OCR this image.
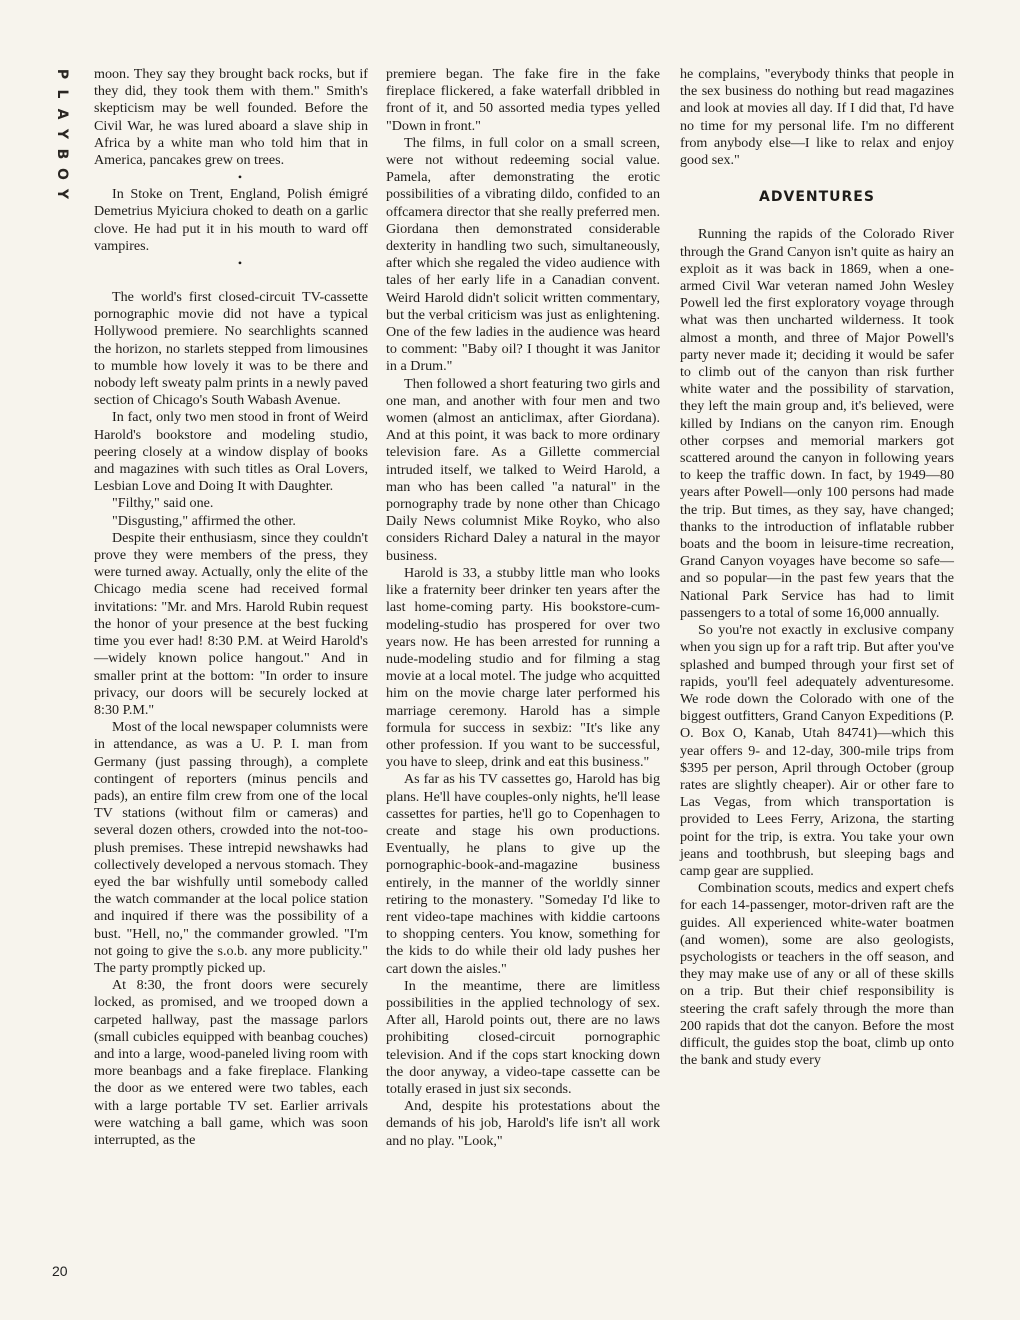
P
L
A
Y
B
O
Y
20

moon. They say they brought back rocks, but if they did, they took them with them." Smith's skepticism may be well founded. Before the Civil War, he was lured aboard a slave ship in Africa by a white man who told him that in America, pancakes grew on trees.

•

In Stoke on Trent, England, Polish émigré Demetrius Myiciura choked to death on a garlic clove. He had put it in his mouth to ward off vampires.

•

The world's first closed-circuit TV-cassette pornographic movie did not have a typical Hollywood premiere. No searchlights scanned the horizon, no starlets stepped from limousines to mumble how lovely it was to be there and nobody left sweaty palm prints in a newly paved section of Chicago's South Wabash Avenue.

In fact, only two men stood in front of Weird Harold's bookstore and modeling studio, peering closely at a window display of books and magazines with such titles as Oral Lovers, Lesbian Love and Doing It with Daughter.

"Filthy," said one.

"Disgusting," affirmed the other.

Despite their enthusiasm, since they couldn't prove they were members of the press, they were turned away. Actually, only the elite of the Chicago media scene had received formal invitations: "Mr. and Mrs. Harold Rubin request the honor of your presence at the best fucking time you ever had! 8:30 P.M. at Weird Harold's—widely known police hangout." And in smaller print at the bottom: "In order to insure privacy, our doors will be securely locked at 8:30 P.M."

Most of the local newspaper columnists were in attendance, as was a U. P. I. man from Germany (just passing through), a complete contingent of reporters (minus pencils and pads), an entire film crew from one of the local TV stations (without film or cameras) and several dozen others, crowded into the not-too-plush premises. These intrepid newshawks had collectively developed a nervous stomach. They eyed the bar wishfully until somebody called the watch commander at the local police station and inquired if there was the possibility of a bust. "Hell, no," the commander growled. "I'm not going to give the s.o.b. any more publicity." The party promptly picked up.

At 8:30, the front doors were securely locked, as promised, and we trooped down a carpeted hallway, past the massage parlors (small cubicles equipped with beanbag couches) and into a large, wood-paneled living room with more beanbags and a fake fireplace. Flanking the door as we entered were two tables, each with a large portable TV set. Earlier arrivals were watching a ball game, which was soon interrupted, as the

premiere began. The fake fire in the fake fireplace flickered, a fake waterfall dribbled in front of it, and 50 assorted media types yelled "Down in front."

The films, in full color on a small screen, were not without redeeming social value. Pamela, after demonstrating the erotic possibilities of a vibrating dildo, confided to an offcamera director that she really preferred men. Giordana then demonstrated considerable dexterity in handling two such, simultaneously, after which she regaled the video audience with tales of her early life in a Canadian convent. Weird Harold didn't solicit written commentary, but the verbal criticism was just as enlightening. One of the few ladies in the audience was heard to comment: "Baby oil? I thought it was Janitor in a Drum."

Then followed a short featuring two girls and one man, and another with four men and two women (almost an anticlimax, after Giordana). And at this point, it was back to more ordinary television fare. As a Gillette commercial intruded itself, we talked to Weird Harold, a man who has been called "a natural" in the pornography trade by none other than Chicago Daily News columnist Mike Royko, who also considers Richard Daley a natural in the mayor business.

Harold is 33, a stubby little man who looks like a fraternity beer drinker ten years after the last home-coming party. His bookstore-cum-modeling-studio has prospered for over two years now. He has been arrested for running a nude-modeling studio and for filming a stag movie at a local motel. The judge who acquitted him on the movie charge later performed his marriage ceremony. Harold has a simple formula for success in sexbiz: "It's like any other profession. If you want to be successful, you have to sleep, drink and eat this business."

As far as his TV cassettes go, Harold has big plans. He'll have couples-only nights, he'll lease cassettes for parties, he'll go to Copenhagen to create and stage his own productions. Eventually, he plans to give up the pornographic-book-and-magazine business entirely, in the manner of the worldly sinner retiring to the monastery. "Someday I'd like to rent video-tape machines with kiddie cartoons to shopping centers. You know, something for the kids to do while their old lady pushes her cart down the aisles."

In the meantime, there are limitless possibilities in the applied technology of sex. After all, Harold points out, there are no laws prohibiting closed-circuit pornographic television. And if the cops start knocking down the door anyway, a video-tape cassette can be totally erased in just six seconds.

And, despite his protestations about the demands of his job, Harold's life isn't all work and no play. "Look,"

he complains, "everybody thinks that people in the sex business do nothing but read magazines and look at movies all day. If I did that, I'd have no time for my personal life. I'm no different from anybody else—I like to relax and enjoy good sex."

ADVENTURES

Running the rapids of the Colorado River through the Grand Canyon isn't quite as hairy an exploit as it was back in 1869, when a one-armed Civil War veteran named John Wesley Powell led the first exploratory voyage through what was then uncharted wilderness. It took almost a month, and three of Major Powell's party never made it; deciding it would be safer to climb out of the canyon than risk further white water and the possibility of starvation, they left the main group and, it's believed, were killed by Indians on the canyon rim. Enough other corpses and memorial markers got scattered around the canyon in following years to keep the traffic down. In fact, by 1949—80 years after Powell—only 100 persons had made the trip. But times, as they say, have changed; thanks to the introduction of inflatable rubber boats and the boom in leisure-time recreation, Grand Canyon voyages have become so safe—and so popular—in the past few years that the National Park Service has had to limit passengers to a total of some 16,000 annually.

So you're not exactly in exclusive company when you sign up for a raft trip. But after you've splashed and bumped through your first set of rapids, you'll feel adequately adventuresome. We rode down the Colorado with one of the biggest outfitters, Grand Canyon Expeditions (P. O. Box O, Kanab, Utah 84741)—which this year offers 9- and 12-day, 300-mile trips from $395 per person, April through October (group rates are slightly cheaper). Air or other fare to Las Vegas, from which transportation is provided to Lees Ferry, Arizona, the starting point for the trip, is extra. You take your own jeans and toothbrush, but sleeping bags and camp gear are supplied.

Combination scouts, medics and expert chefs for each 14-passenger, motor-driven raft are the guides. All experienced white-water boatmen (and women), some are also geologists, psychologists or teachers in the off season, and they may make use of any or all of these skills on a trip. But their chief responsibility is steering the craft safely through the more than 200 rapids that dot the canyon. Before the most difficult, the guides stop the boat, climb up onto the bank and study every
